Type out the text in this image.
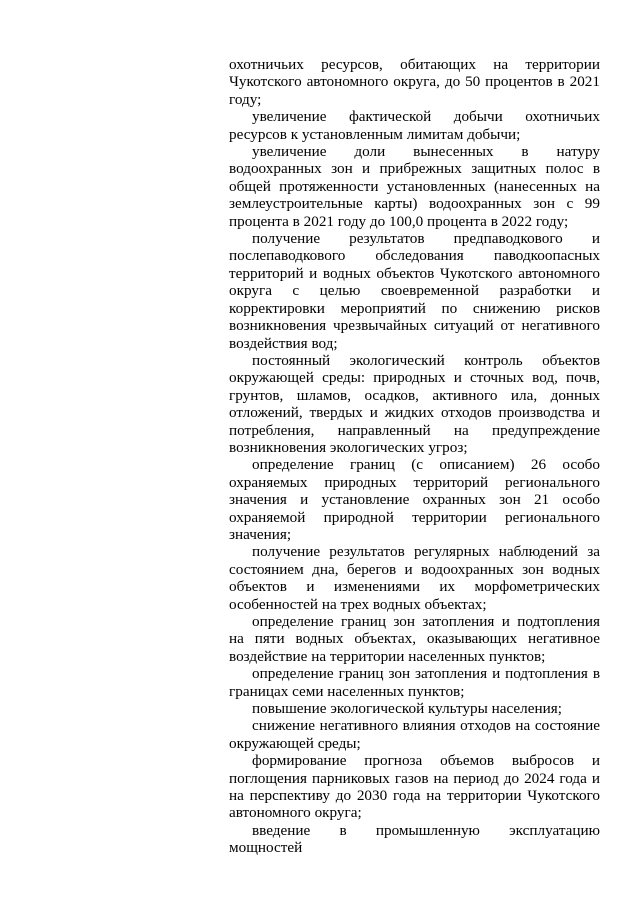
охотничьих ресурсов, обитающих на территории Чукотского автономного округа, до 50 процентов в 2021 году;

увеличение фактической добычи охотничьих ресурсов к установленным лимитам добычи;

увеличение доли вынесенных в натуру водоохранных зон и прибрежных защитных полос в общей протяженности установленных (нанесенных на землеустроительные карты) водоохранных зон с 99 процента в 2021 году до 100,0 процента в 2022 году;

получение результатов предпаводкового и послепаводкового обследования паводкоопасных территорий и водных объектов Чукотского автономного округа с целью своевременной разработки и корректировки мероприятий по снижению рисков возникновения чрезвычайных ситуаций от негативного воздействия вод;

постоянный экологический контроль объектов окружающей среды: природных и сточных вод, почв, грунтов, шламов, осадков, активного ила, донных отложений, твердых и жидких отходов производства и потребления, направленный на предупреждение возникновения экологических угроз;

определение границ (с описанием) 26 особо охраняемых природных территорий регионального значения и установление охранных зон 21 особо охраняемой природной территории регионального значения;

получение результатов регулярных наблюдений за состоянием дна, берегов и водоохранных зон водных объектов и изменениями их морфометрических особенностей на трех водных объектах;

определение границ зон затопления и подтопления на пяти водных объектах, оказывающих негативное воздействие на территории населенных пунктов;

определение границ зон затопления и подтопления в границах семи населенных пунктов;

повышение экологической культуры населения;

снижение негативного влияния отходов на состояние окружающей среды;

формирование прогноза объемов выбросов и поглощения парниковых газов на период до 2024 года и на перспективу до 2030 года на территории Чукотского автономного округа;

введение в промышленную эксплуатацию мощностей
